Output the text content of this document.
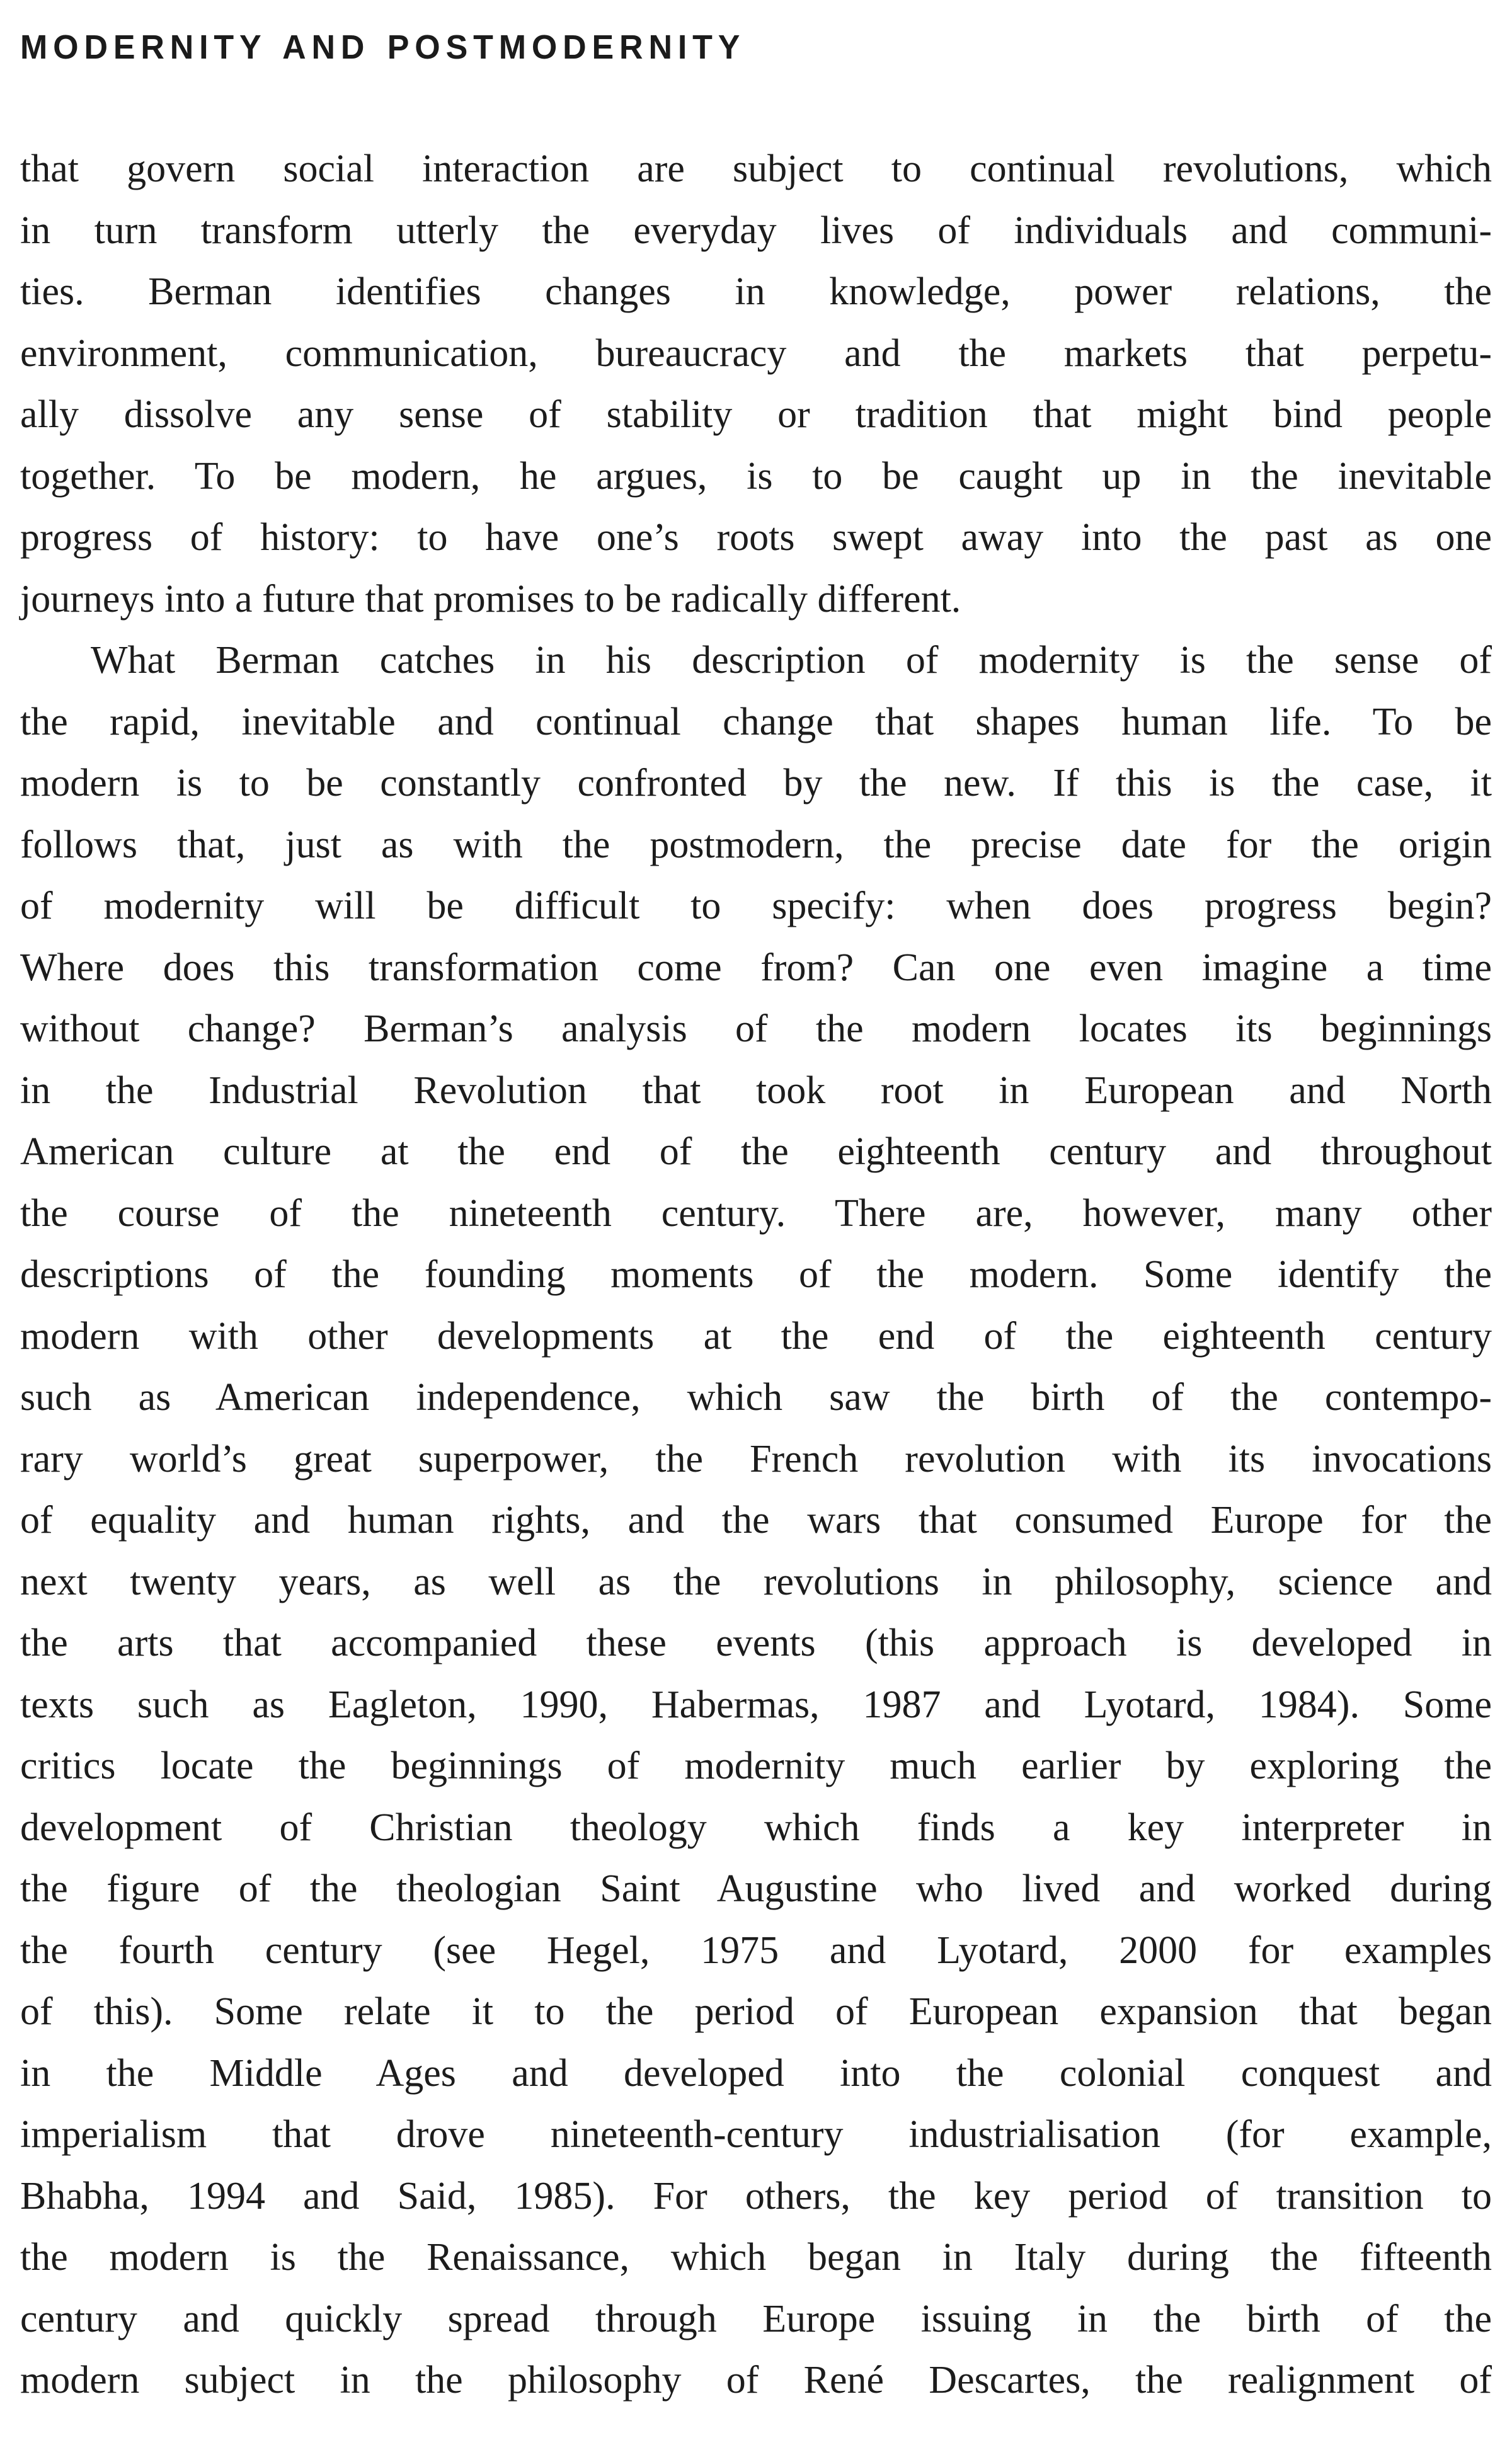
MODERNITY AND POSTMODERNITY
that govern social interaction are subject to continual revolutions, which
in turn transform utterly the everyday lives of individuals and communi-
ties. Berman identifies changes in knowledge, power relations, the
environment, communication, bureaucracy and the markets that perpetu-
ally dissolve any sense of stability or tradition that might bind people
together. To be modern, he argues, is to be caught up in the inevitable
progress of history: to have one’s roots swept away into the past as one
journeys into a future that promises to be radically different.
What Berman catches in his description of modernity is the sense of
the rapid, inevitable and continual change that shapes human life. To be
modern is to be constantly confronted by the new. If this is the case, it
follows that, just as with the postmodern, the precise date for the origin
of modernity will be difficult to specify: when does progress begin?
Where does this transformation come from? Can one even imagine a time
without change? Berman’s analysis of the modern locates its beginnings
in the Industrial Revolution that took root in European and North
American culture at the end of the eighteenth century and throughout
the course of the nineteenth century. There are, however, many other
descriptions of the founding moments of the modern. Some identify the
modern with other developments at the end of the eighteenth century
such as American independence, which saw the birth of the contempo-
rary world’s great superpower, the French revolution with its invocations
of equality and human rights, and the wars that consumed Europe for the
next twenty years, as well as the revolutions in philosophy, science and
the arts that accompanied these events (this approach is developed in
texts such as Eagleton, 1990, Habermas, 1987 and Lyotard, 1984). Some
critics locate the beginnings of modernity much earlier by exploring the
development of Christian theology which finds a key interpreter in
the figure of the theologian Saint Augustine who lived and worked during
the fourth century (see Hegel, 1975 and Lyotard, 2000 for examples
of this). Some relate it to the period of European expansion that began
in the Middle Ages and developed into the colonial conquest and
imperialism that drove nineteenth-century industrialisation (for example,
Bhabha, 1994 and Said, 1985). For others, the key period of transition to
the modern is the Renaissance, which began in Italy during the fifteenth
century and quickly spread through Europe issuing in the birth of the
modern subject in the philosophy of René Descartes, the realignment of
